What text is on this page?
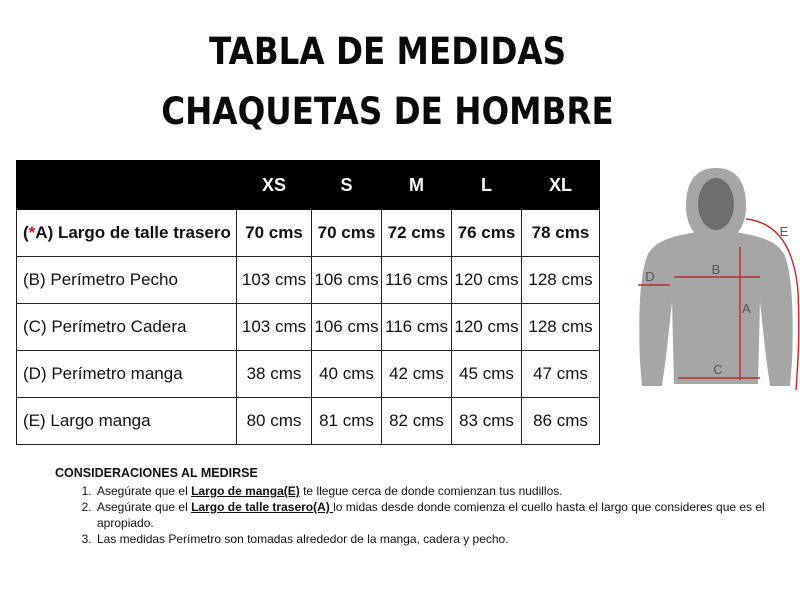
TABLA DE MEDIDAS
CHAQUETAS DE HOMBRE
	XS	S	M	L	XL
(*A) Largo de talle trasero	70 cms	70 cms	72 cms	76 cms	78 cms
(B) Perímetro Pecho	103 cms	106 cms	116 cms	120 cms	128 cms
(C) Perímetro Cadera	103 cms	106 cms	116 cms	120 cms	128 cms
(D) Perímetro manga	38 cms	40 cms	42 cms	45 cms	47 cms
(E) Largo manga	80 cms	81 cms	82 cms	83 cms	86 cms
B
A
C
D
E
CONSIDERACIONES AL MEDIRSE
1. Asegúrate que el Largo de manga(E) te llegue cerca de donde comienzan tus nudillos.
2. Asegúrate que el Largo de talle trasero(A) lo midas desde donde comienza el cuello hasta el largo que consideres que es el apropiado.
3. Las medidas Perímetro son tomadas alrededor de la manga, cadera y pecho.
